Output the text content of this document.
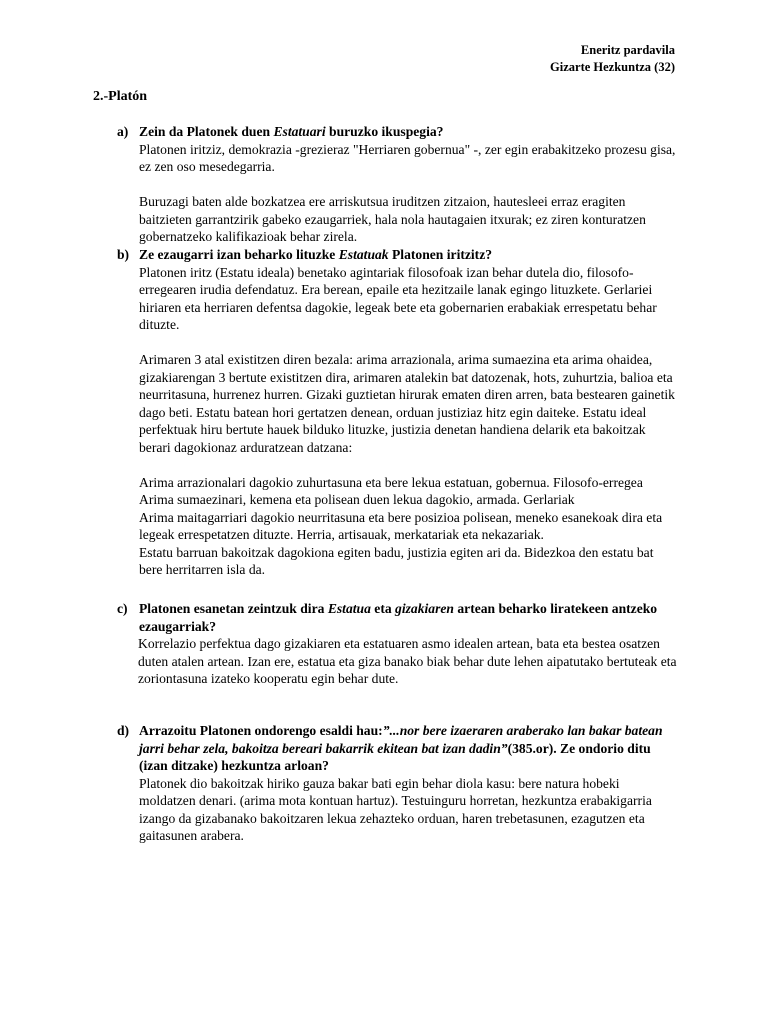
Eneritz pardavila
Gizarte Hezkuntza (32)
2.-Platón
a) Zein da Platonek duen Estatuari buruzko ikuspegia?
Platonen iritziz, demokrazia -grezieraz "Herriaren gobernua" -, zer egin erabakitzeko prozesu gisa, ez zen oso mesedegarria.
Buruzagi baten alde bozkatzea ere arriskutsua iruditzen zitzaion, hautesleei erraz eragiten baitzieten garrantzirik gabeko ezaugarriek, hala nola hautagaien itxurak; ez ziren konturatzen gobernatzeko kalifikazioak behar zirela.
b) Ze ezaugarri izan beharko lituzke Estatuak Platonen iritzitz?
Platonen iritz (Estatu ideala) benetako agintariak filosofoak izan behar dutela dio, filosofo-erregearen irudia defendatuz. Era berean, epaile eta hezitzaile lanak egingo lituzkete. Gerlariei hiriaren eta herriaren defentsa dagokie, legeak bete eta gobernarien erabakiak errespetatu behar dituzte.
Arimaren 3 atal existitzen diren bezala: arima arrazionala, arima sumaezina eta arima ohaidea, gizakiarengan 3 bertute existitzen dira, arimaren atalekin bat datozenak, hots, zuhurtzia, balioa eta neurritasuna, hurrenez hurren. Gizaki guztietan hirurak ematen diren arren, bata bestearen gainetik dago beti. Estatu batean hori gertatzen denean, orduan justiziaz hitz egin daiteke. Estatu ideal perfektuak hiru bertute hauek bilduko lituzke, justizia denetan handiena delarik eta bakoitzak berari dagokionaz arduratzean datzana:
Arima arrazionalari dagokio zuhurtasuna eta bere lekua estatuan, gobernua. Filosofo-erregea
Arima sumaezinari, kemena eta polisean duen lekua dagokio, armada. Gerlariak
Arima maitagarriari dagokio neurritasuna eta bere posizioa polisean, meneko esanekoak dira eta legeak errespetatzen dituzte. Herria, artisauak, merkatariak eta nekazariak.
Estatu barruan bakoitzak dagokiona egiten badu, justizia egiten ari da. Bidezkoa den estatu bat bere herritarren isla da.
c) Platonen esanetan zeintzuk dira Estatua eta gizakiaren artean beharko liratekeen antzeko ezaugarriak?
Korrelazio perfektua dago gizakiaren eta estatuaren asmo idealen artean, bata eta bestea osatzen duten atalen artean. Izan ere, estatua eta giza banako biak behar dute lehen aipatutako bertuteak eta zoriontasuna izateko kooperatu egin behar dute.
d) Arrazoitu Platonen ondorengo esaldi hau:”...nor bere izaeraren araberako lan bakar batean jarri behar zela, bakoitza bereari bakarrik ekitean bat izan dadin”(385.or). Ze ondorio ditu (izan ditzake) hezkuntza arloan?
Platonek dio bakoitzak hiriko gauza bakar bati egin behar diola kasu: bere natura hobeki moldatzen denari. (arima mota kontuan hartuz). Testuinguru horretan, hezkuntza erabakigarria izango da gizabanako bakoitzaren lekua zehazteko orduan, haren trebetasunen, ezagutzen eta gaitasunen arabera.
